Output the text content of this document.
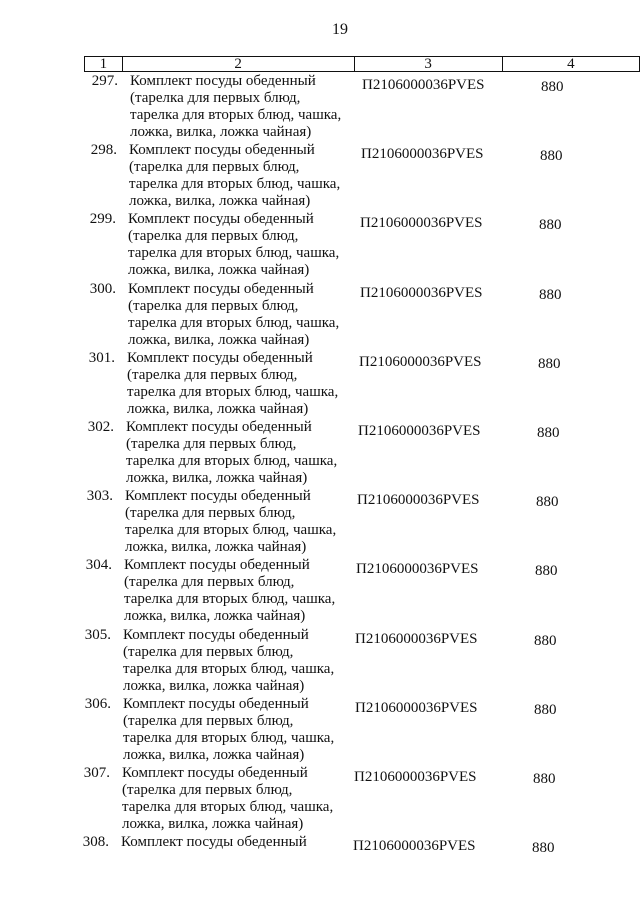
19
1	2	3	4
297. Комплект посуды обеденный
(тарелка для первых блюд,
тарелка для вторых блюд, чашка,
ложка, вилка, ложка чайная)
П2106000036PVES	880
298. Комплект посуды обеденный
(тарелка для первых блюд,
тарелка для вторых блюд, чашка,
ложка, вилка, ложка чайная)
П2106000036PVES	880
299. Комплект посуды обеденный
(тарелка для первых блюд,
тарелка для вторых блюд, чашка,
ложка, вилка, ложка чайная)
П2106000036PVES	880
300. Комплект посуды обеденный
(тарелка для первых блюд,
тарелка для вторых блюд, чашка,
ложка, вилка, ложка чайная)
П2106000036PVES	880
301. Комплект посуды обеденный
(тарелка для первых блюд,
тарелка для вторых блюд, чашка,
ложка, вилка, ложка чайная)
П2106000036PVES	880
302. Комплект посуды обеденный
(тарелка для первых блюд,
тарелка для вторых блюд, чашка,
ложка, вилка, ложка чайная)
П2106000036PVES	880
303. Комплект посуды обеденный
(тарелка для первых блюд,
тарелка для вторых блюд, чашка,
ложка, вилка, ложка чайная)
П2106000036PVES	880
304. Комплект посуды обеденный
(тарелка для первых блюд,
тарелка для вторых блюд, чашка,
ложка, вилка, ложка чайная)
П2106000036PVES	880
305. Комплект посуды обеденный
(тарелка для первых блюд,
тарелка для вторых блюд, чашка,
ложка, вилка, ложка чайная)
П2106000036PVES	880
306. Комплект посуды обеденный
(тарелка для первых блюд,
тарелка для вторых блюд, чашка,
ложка, вилка, ложка чайная)
П2106000036PVES	880
307. Комплект посуды обеденный
(тарелка для первых блюд,
тарелка для вторых блюд, чашка,
ложка, вилка, ложка чайная)
П2106000036PVES	880
308. Комплект посуды обеденный	П2106000036PVES	880
